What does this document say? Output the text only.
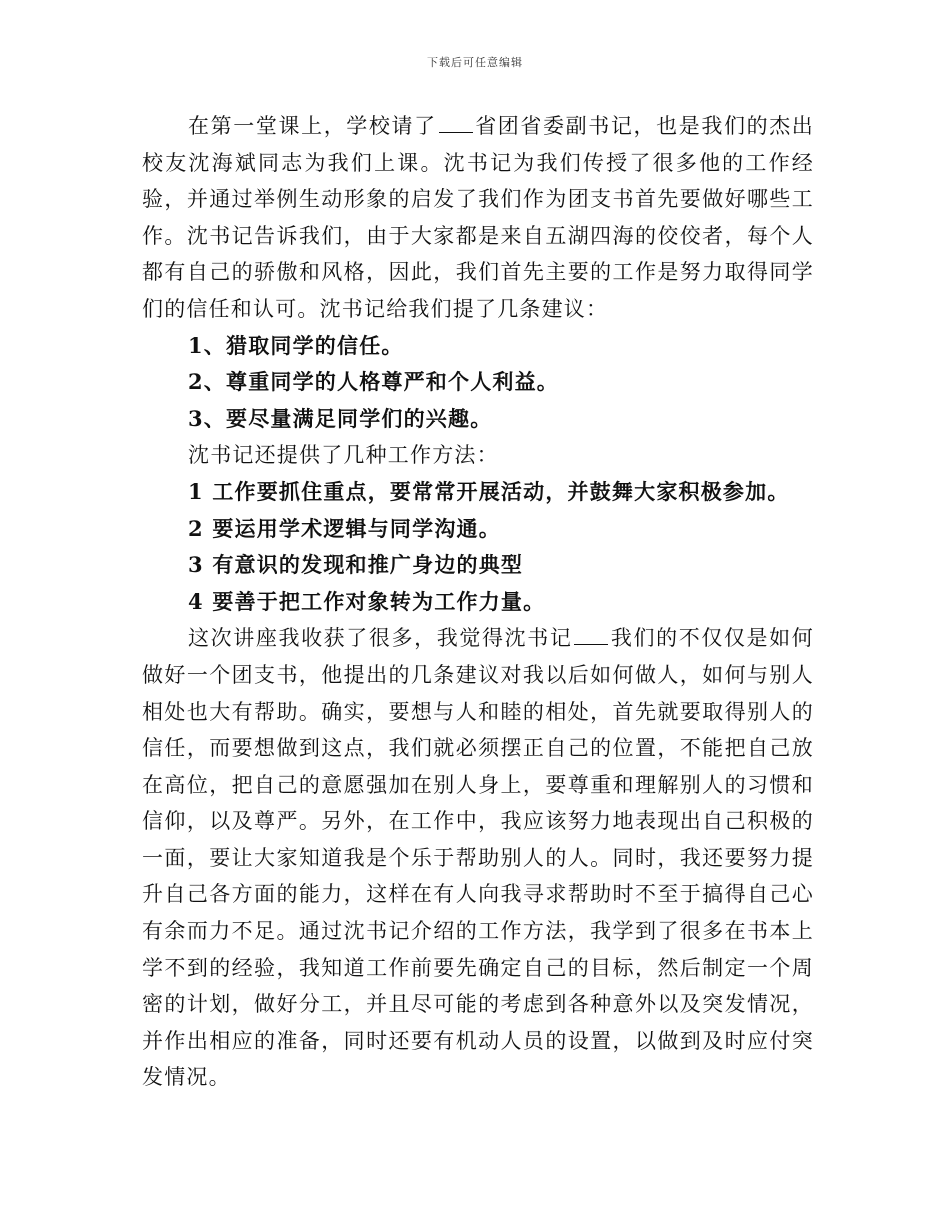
下载后可任意编辑

在第一堂课上，学校请了 省团省委副书记，也是我们的杰出校友沈海斌同志为我们上课。沈书记为我们传授了很多他的工作经验，并通过举例生动形象的启发了我们作为团支书首先要做好哪些工作。沈书记告诉我们，由于大家都是来自五湖四海的佼佼者，每个人都有自己的骄傲和风格，因此，我们首先主要的工作是努力取得同学们的信任和认可。沈书记给我们提了几条建议：

1、猎取同学的信任。

2、尊重同学的人格尊严和个人利益。

3、要尽量满足同学们的兴趣。

沈书记还提供了几种工作方法：

1 工作要抓住重点，要常常开展活动，并鼓舞大家积极参加。

2 要运用学术逻辑与同学沟通。

3 有意识的发现和推广身边的典型

4 要善于把工作对象转为工作力量。

这次讲座我收获了很多，我觉得沈书记 我们的不仅仅是如何做好一个团支书，他提出的几条建议对我以后如何做人，如何与别人相处也大有帮助。确实，要想与人和睦的相处，首先就要取得别人的信任，而要想做到这点，我们就必须摆正自己的位置，不能把自己放在高位，把自己的意愿强加在别人身上，要尊重和理解别人的习惯和信仰，以及尊严。另外，在工作中，我应该努力地表现出自己积极的一面，要让大家知道我是个乐于帮助别人的人。同时，我还要努力提升自己各方面的能力，这样在有人向我寻求帮助时不至于搞得自己心有余而力不足。通过沈书记介绍的工作方法，我学到了很多在书本上学不到的经验，我知道工作前要先确定自己的目标，然后制定一个周密的计划，做好分工，并且尽可能的考虑到各种意外以及突发情况，并作出相应的准备，同时还要有机动人员的设置，以做到及时应付突发情况。
